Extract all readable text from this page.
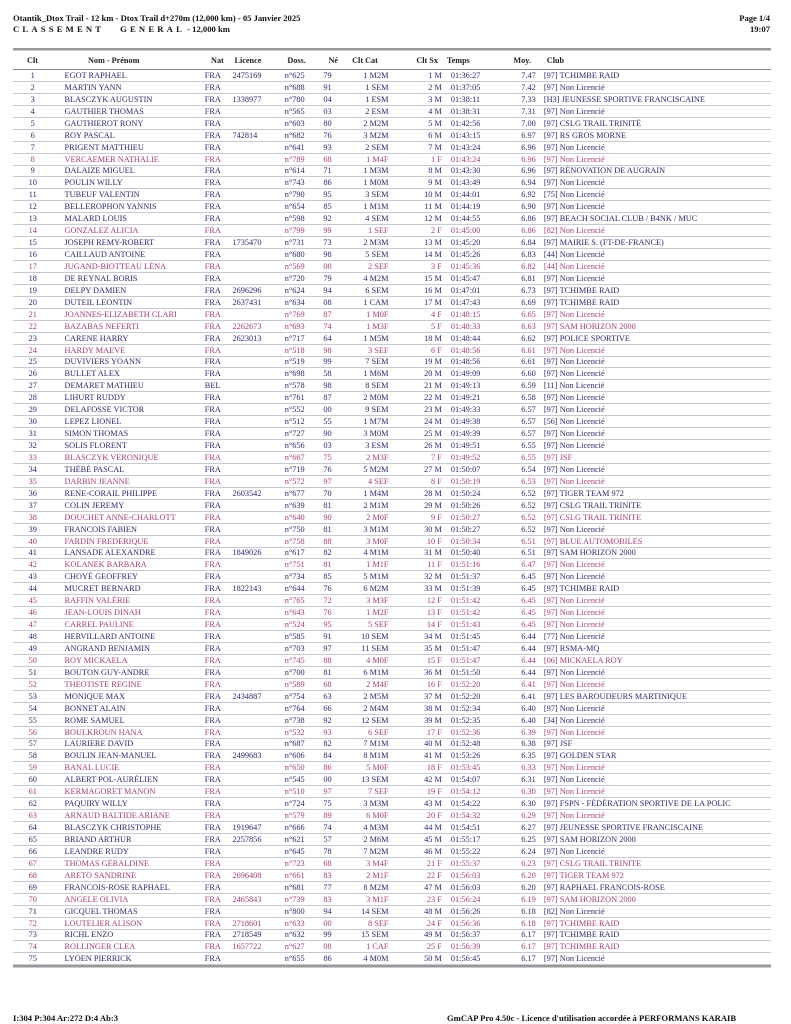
Otantik_Dtox Trail - 12 km - Dtox Trail d+270m (12,000 km) - 05 Janvier 2025
CLASSEMENT   GENERAL - 12,000 km
Page 1/4
19:07
Clt	Nom - Prénom	Nat	Licence	Doss.	Né	Clt Cat	Clt Sx	Temps	Moy.	Club
1	EGOT RAPHAEL	FRA	2475169	n°625	79	1 M2M	1 M	01:36:27	7.47 [97] TCHIMBE RAID
2	MARTIN YANN	FRA	n°688	91	1 SEM	2 M	01:37:05	7.42 [97] Non Licencié
3	BLASCZYK AUGUSTIN	FRA	1338977	n°780	04	1 ESM	3 M	01:38:11	7.33 [H3] JEUNESSE SPORTIVE FRANCISCAINE
4	GAUTHIER THOMAS	FRA	n°565	03	2 ESM	4 M	01:38:31	7.31 [97] Non Licencié
5	GAUTHIEROT RONY	FRA	n°603	80	2 M2M	5 M	01:42:56	7.00 [97] CSLG TRAIL TRINITÉ
6	ROY PASCAL	FRA	742814	n°682	76	3 M2M	6 M	01:43:15	6.97 [97] RS GROS MORNE
7	PRIGENT MATTHIEU	FRA	n°641	93	2 SEM	7 M	01:43:24	6.96 [97] Non Licencié
8	VERCAEMER NATHALIE	FRA	n°789	68	1 M4F	1 F	01:43:24	6.96 [97] Non Licencié
9	DALAIZE MIGUEL	FRA	n°614	71	1 M3M	8 M	01:43:30	6.96 [97] RÉNOVATION DE AUGRAIN
10	POULIN WILLY	FRA	n°743	86	1 M0M	9 M	01:43:49	6.94 [97] Non Licencié
11	TUBEUF VALENTIN	FRA	n°790	95	3 SEM	10 M	01:44:01	6.92 [75] Non Licencié
12	BELLEROPHON YANNIS	FRA	n°654	85	1 M1M	11 M	01:44:19	6.90 [97] Non Licencié
13	MALARD LOUIS	FRA	n°598	92	4 SEM	12 M	01:44:55	6.86 [97] BEACH SOCIAL CLUB / B4NK / MUC
14	GONZALEZ ALICIA	FRA	n°799	99	1 SEF	2 F	01:45:00	6.86 [82] Non Licencié
15	JOSEPH REMY-ROBERT	FRA	1735470	n°731	73	2 M3M	13 M	01:45:20	6.84 [97] MAIRIE S. (FT-DE-FRANCE)
16	CAILLAUD ANTOINE	FRA	n°680	98	5 SEM	14 M	01:45:26	6.83 [44] Non Licencié
17	JUGAND-BIOTTEAU LÉNA	FRA	n°569	00	2 SEF	3 F	01:45:36	6.82 [44] Non Licencié
18	DE REYNAL BORIS	FRA	n°720	79	4 M2M	15 M	01:45:47	6.81 [97] Non Licencié
19	DELPY DAMIEN	FRA	2696296	n°624	94	6 SEM	16 M	01:47:01	6.73 [97] TCHIMBE RAID
20	DUTEIL LEONTIN	FRA	2637431	n°634	08	1 CAM	17 M	01:47:43	6.69 [97] TCHIMBE RAID
21	JOANNES-ELIZABETH CLARI	FRA	n°769	87	1 M0F	4 F	01:48:15	6.65 [97] Non Licencié
22	BAZABAS NEFERTI	FRA	2262673	n°693	74	1 M3F	5 F	01:48:33	6.63 [97] SAM HORIZON 2000
23	CARENE HARRY	FRA	2623013	n°717	64	1 M5M	18 M	01:48:44	6.62 [97] POLICE SPORTIVE
24	HARDY MAEVE	FRA	n°518	98	3 SEF	6 F	01:48:56	6.61 [97] Non Licencié
25	DUVIVIERS YOANN	FRA	n°519	99	7 SEM	19 M	01:48:56	6.61 [97] Non Licencié
26	BULLET ALEX	FRA	n°698	58	1 M6M	20 M	01:49:09	6.60 [97] Non Licencié
27	DEMARET MATHIEU	BEL	n°578	98	8 SEM	21 M	01:49:13	6.59 [11] Non Licencié
28	LIHURT RUDDY	FRA	n°761	87	2 M0M	22 M	01:49:21	6.58 [97] Non Licencié
29	DELAFOSSE VICTOR	FRA	n°552	00	9 SEM	23 M	01:49:33	6.57 [97] Non Licencié
30	LEPEZ LIONEL	FRA	n°512	55	1 M7M	24 M	01:49:38	6.57 [56] Non Licencié
31	SIMON THOMAS	FRA	n°727	90	3 M0M	25 M	01:49:39	6.57 [97] Non Licencié
32	SOLIS FLORENT	FRA	n°656	03	3 ESM	26 M	01:49:51	6.55 [97] Non Licencié
33	BLASCZYK VERONIQUE	FRA	n°667	75	2 M3F	7 F	01:49:52	6.55 [97] JSF
34	THÉBÉ PASCAL	FRA	n°719	76	5 M2M	27 M	01:50:07	6.54 [97] Non Licencié
35	DARBIN JEANNE	FRA	n°572	97	4 SEF	8 F	01:50:19	6.53 [97] Non Licencié
36	RENE-CORAIL PHILIPPE	FRA	2603542	n°677	70	1 M4M	28 M	01:50:24	6.52 [97] TIGER TEAM 972
37	COLIN JEREMY	FRA	n°639	81	2 M1M	29 M	01:50:26	6.52 [97] CSLG TRAIL TRINITE
38	DOUCHET ANNE-CHARLOTT	FRA	n°640	90	2 M0F	9 F	01:50:27	6.52 [97] CSLG TRAIL TRINITE
39	FRANCOIS FABIEN	FRA	n°750	81	3 M1M	30 M	01:50:27	6.52 [97] Non Licencié
40	FARDIN FREDERIQUE	FRA	n°758	88	3 M0F	10 F	01:50:34	6.51 [97] BLUE AUTOMOBILES
41	LANSADE ALEXANDRE	FRA	1849026	n°617	82	4 M1M	31 M	01:50:40	6.51 [97] SAM HORIZON 2000
42	KOLANEK BARBARA	FRA	n°751	81	1 M1F	11 F	01:51:16	6.47 [97] Non Licencié
43	CHOYÉ GEOFFREY	FRA	n°734	85	5 M1M	32 M	01:51:37	6.45 [97] Non Licencié
44	MUCRET BERNARD	FRA	1822143	n°644	76	6 M2M	33 M	01:51:39	6.45 [97] TCHIMBE RAID
45	RAFFIN VALÉRIE	FRA	n°765	72	3 M3F	12 F	01:51:42	6.45 [97] Non Licencié
46	JEAN-LOUIS DINAH	FRA	n°643	76	1 M2F	13 F	01:51:42	6.45 [97] Non Licencié
47	CARREL PAULINE	FRA	n°524	95	5 SEF	14 F	01:51:43	6.45 [97] Non Licencié
48	HERVILLARD ANTOINE	FRA	n°585	91	10 SEM	34 M	01:51:45	6.44 [77] Non Licencié
49	ANGRAND BENJAMIN	FRA	n°703	97	11 SEM	35 M	01:51:47	6.44 [97] RSMA-MQ
50	ROY MICKAELA	FRA	n°745	88	4 M0F	15 F	01:51:47	6.44 [06] MICKAELA ROY
51	BOUTON GUY-ANDRE	FRA	n°700	81	6 M1M	36 M	01:51:50	6.44 [97] Non Licencié
52	THEOTISTE REGINE	FRA	n°589	68	2 M4F	16 F	01:52:20	6.41 [97] Non Licencié
53	MONIQUE MAX	FRA	2434887	n°754	63	2 M5M	37 M	01:52:20	6.41 [97] LES BAROUDEURS MARTINIQUE
54	BONNET ALAIN	FRA	n°764	66	2 M4M	38 M	01:52:34	6.40 [97] Non Licencié
55	ROME SAMUEL	FRA	n°738	92	12 SEM	39 M	01:52:35	6.40 [34] Non Licencié
56	BOULKROUN HANA	FRA	n°532	93	6 SEF	17 F	01:52:36	6.39 [97] Non Licencié
57	LAURIERE DAVID	FRA	n°687	82	7 M1M	40 M	01:52:48	6.38 [97] JSF
58	BOULIN JEAN-MANUEL	FRA	2499683	n°606	84	8 M1M	41 M	01:53:26	6.35 [97] GOLDEN STAR
59	BANAL LUCIE	FRA	n°650	86	5 M0F	18 F	01:53:45	6.33 [97] Non Licencié
60	ALBERT POL-AURÉLIEN	FRA	n°545	00	13 SEM	42 M	01:54:07	6.31 [97] Non Licencié
61	KERMAGORET MANON	FRA	n°510	97	7 SEF	19 F	01:54:12	6.30 [97] Non Licencié
62	PAQUIRY WILLY	FRA	n°724	75	3 M3M	43 M	01:54:22	6.30 [97] FSPN - FÉDÉRATION SPORTIVE DE LA POLIC
63	ARNAUD BALTIDE ARIANE	FRA	n°579	89	6 M0F	20 F	01:54:32	6.29 [97] Non Licencié
64	BLASCZYK CHRISTOPHE	FRA	1919647	n°666	74	4 M3M	44 M	01:54:51	6.27 [97] JEUNESSE SPORTIVE FRANCISCAINE
65	BRIAND ARTHUR	FRA	2257856	n°621	57	2 M6M	45 M	01:55:17	6.25 [97] SAM HORIZON 2000
66	LEANDRE RUDY	FRA	n°645	78	7 M2M	46 M	01:55:22	6.24 [97] Non Licencié
67	THOMAS GÉRALDINE	FRA	n°723	68	3 M4F	21 F	01:55:37	6.23 [97] CSLG TRAIL TRINITE
68	ARETO SANDRINE	FRA	2696408	n°661	83	2 M1F	22 F	01:56:03	6.20 [97] TIGER TEAM 972
69	FRANCOIS-ROSE RAPHAEL	FRA	n°681	77	8 M2M	47 M	01:56:03	6.20 [97] RAPHAEL FRANCOIS-ROSE
70	ANGELE OLIVIA	FRA	2465843	n°739	83	3 M1F	23 F	01:56:24	6.19 [97] SAM HORIZON 2000
71	GICQUEL THOMAS	FRA	n°800	94	14 SEM	48 M	01:56:26	6.18 [82] Non Licencié
72	LOUTELIER ALISON	FRA	2718601	n°633	00	8 SEF	24 F	01:56:36	6.18 [97] TCHIMBE RAID
73	RICHL ENZO	FRA	2718549	n°632	99	15 SEM	49 M	01:56:37	6.17 [97] TCHIMBE RAID
74	ROLLINGER CLEA	FRA	1657722	n°627	08	1 CAF	25 F	01:56:39	6.17 [97] TCHIMBE RAID
75	LYOEN PIERRICK	FRA	n°655	86	4 M0M	50 M	01:56:45	6.17 [97] Non Licencié
I:304 P:304 Ar:272 D:4 Ab:3	GmCAP Pro 4.50c - Licence d'utilisation accordée à PERFORMANS KARAIB
